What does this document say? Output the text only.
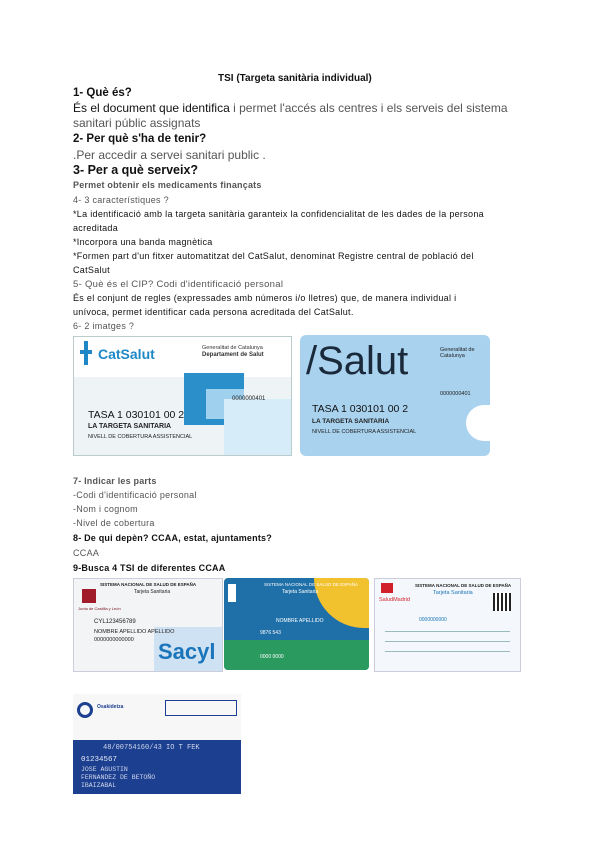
TSI (Targeta sanitària individual)
1- Què és?
És el document que identifica i permet l'accés als centres i els serveis del sistema
sanitari públic assignats
2- Per què s'ha de tenir?
.Per accedir a servei sanitari public .
3- Per a què serveix?
Permet obtenir els medicaments finançats
4- 3 característiques ?
*La identificació amb la targeta sanitària garanteix la confidencialitat de les dades de la persona
acreditada
*Incorpora una banda magnètica
*Formen part d'un fitxer automatitzat del CatSalut, denominat Registre central de població del
CatSalut
5- Què és el CIP? Codi d'identificació personal
És el conjunt de regles (expressades amb números i/o lletres) que, de manera individual i
unívoca, permet identificar cada persona acreditada del CatSalut.
6- 2 imatges ?
CatSalut	Generalitat de Catalunya
Departament de Salut
0000000401
TASA 1 030101 00 2
LA TARGETA SANITARIA
NIVELL DE COBERTURA ASSISTENCIAL
/Salut	Generalitat de Catalunya
0000000401
TASA 1 030101 00 2
LA TARGETA SANITARIA
NIVELL DE COBERTURA ASSISTENCIAL
7- Indicar les parts
-Codi d'identificació personal
-Nom i cognom
-Nivel de cobertura
8- De qui depèn? CCAA, estat, ajuntaments?
CCAA
9-Busca 4 TSI de diferentes CCAA
SISTEMA NACIONAL DE SALUD DE ESPAÑA
Tarjeta Sanitaria
Junta de Castilla y León
CYL123456789
NOMBRE APELLIDO APELLIDO
0000000000000 Sacyl
SISTEMA NACIONAL DE SALUD DE ESPAÑA
Tarjeta Sanitaria
NOMBRE APELLIDO
9876 543
0000 0000
SISTEMA NACIONAL DE SALUD DE ESPAÑA
Tarjeta Sanitaria
SaludMadrid
0000000000
Osakidetza
48/00754160/43 IO T FEK
01234567
JOSE AGUSTIN
FERNANDEZ DE BETOÑO
IBAIZABAL
